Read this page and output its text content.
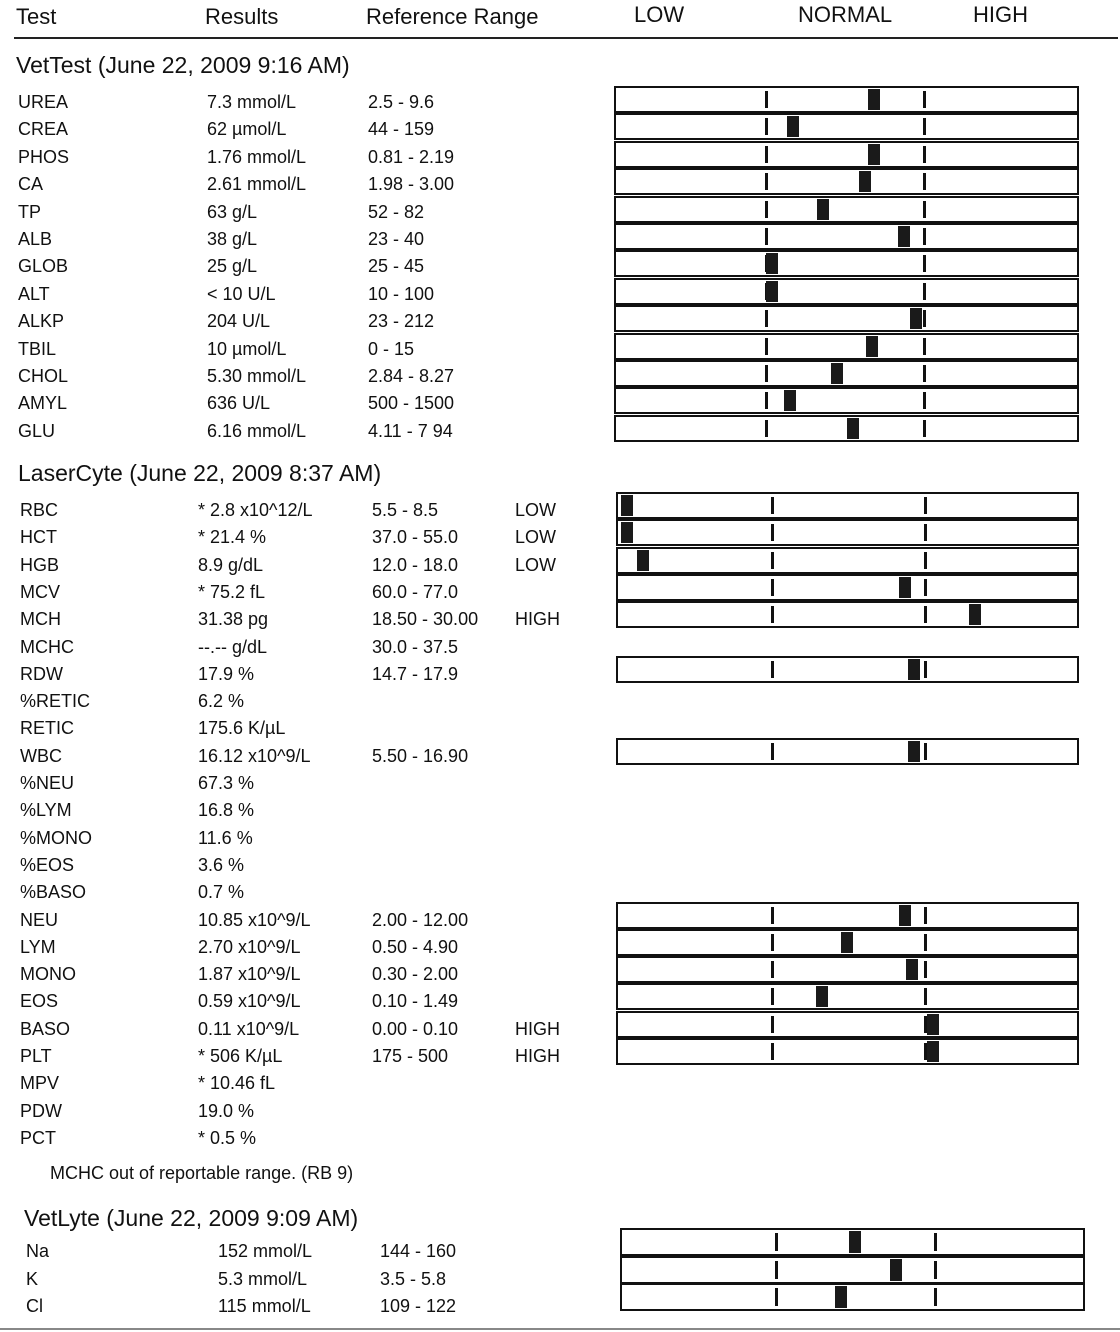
Test	Results	Reference Range	LOW	NORMAL	HIGH
VetTest (June 22, 2009 9:16 AM)
UREA	7.3 mmol/L	2.5 - 9.6
CREA	62 µmol/L	44 - 159
PHOS	1.76 mmol/L	0.81 - 2.19
CA	2.61 mmol/L	1.98 - 3.00
TP	63 g/L	52 - 82
ALB	38 g/L	23 - 40
GLOB	25 g/L	25 - 45
ALT	< 10 U/L	10 - 100
ALKP	204 U/L	23 - 212
TBIL	10 µmol/L	0 - 15
CHOL	5.30 mmol/L	2.84 - 8.27
AMYL	636 U/L	500 - 1500
GLU	6.16 mmol/L	4.11 - 7 94
LaserCyte (June 22, 2009 8:37 AM)
RBC	* 2.8 x10^12/L	5.5 - 8.5	LOW
HCT	* 21.4 %	37.0 - 55.0	LOW
HGB	8.9 g/dL	12.0 - 18.0	LOW
MCV	* 75.2 fL	60.0 - 77.0
MCH	31.38 pg	18.50 - 30.00 HIGH
MCHC	--.-- g/dL	30.0 - 37.5
RDW	17.9 %	14.7 - 17.9
%RETIC	6.2 %
RETIC	175.6 K/µL
WBC	16.12 x10^9/L	5.50 - 16.90
%NEU	67.3 %
%LYM	16.8 %
%MONO	11.6 %
%EOS	3.6 %
%BASO	0.7 %
NEU	10.85 x10^9/L	2.00 - 12.00
LYM	2.70 x10^9/L	0.50 - 4.90
MONO	1.87 x10^9/L	0.30 - 2.00
EOS	0.59 x10^9/L	0.10 - 1.49
BASO	0.11 x10^9/L	0.00 - 0.10	HIGH
PLT	* 506 K/µL	175 - 500	HIGH
MPV	* 10.46 fL
PDW	19.0 %
PCT	* 0.5 %
MCHC out of reportable range. (RB 9)
VetLyte (June 22, 2009 9:09 AM)
Na	152 mmol/L	144 - 160
K	5.3 mmol/L	3.5 - 5.8
Cl	115 mmol/L	109 - 122
